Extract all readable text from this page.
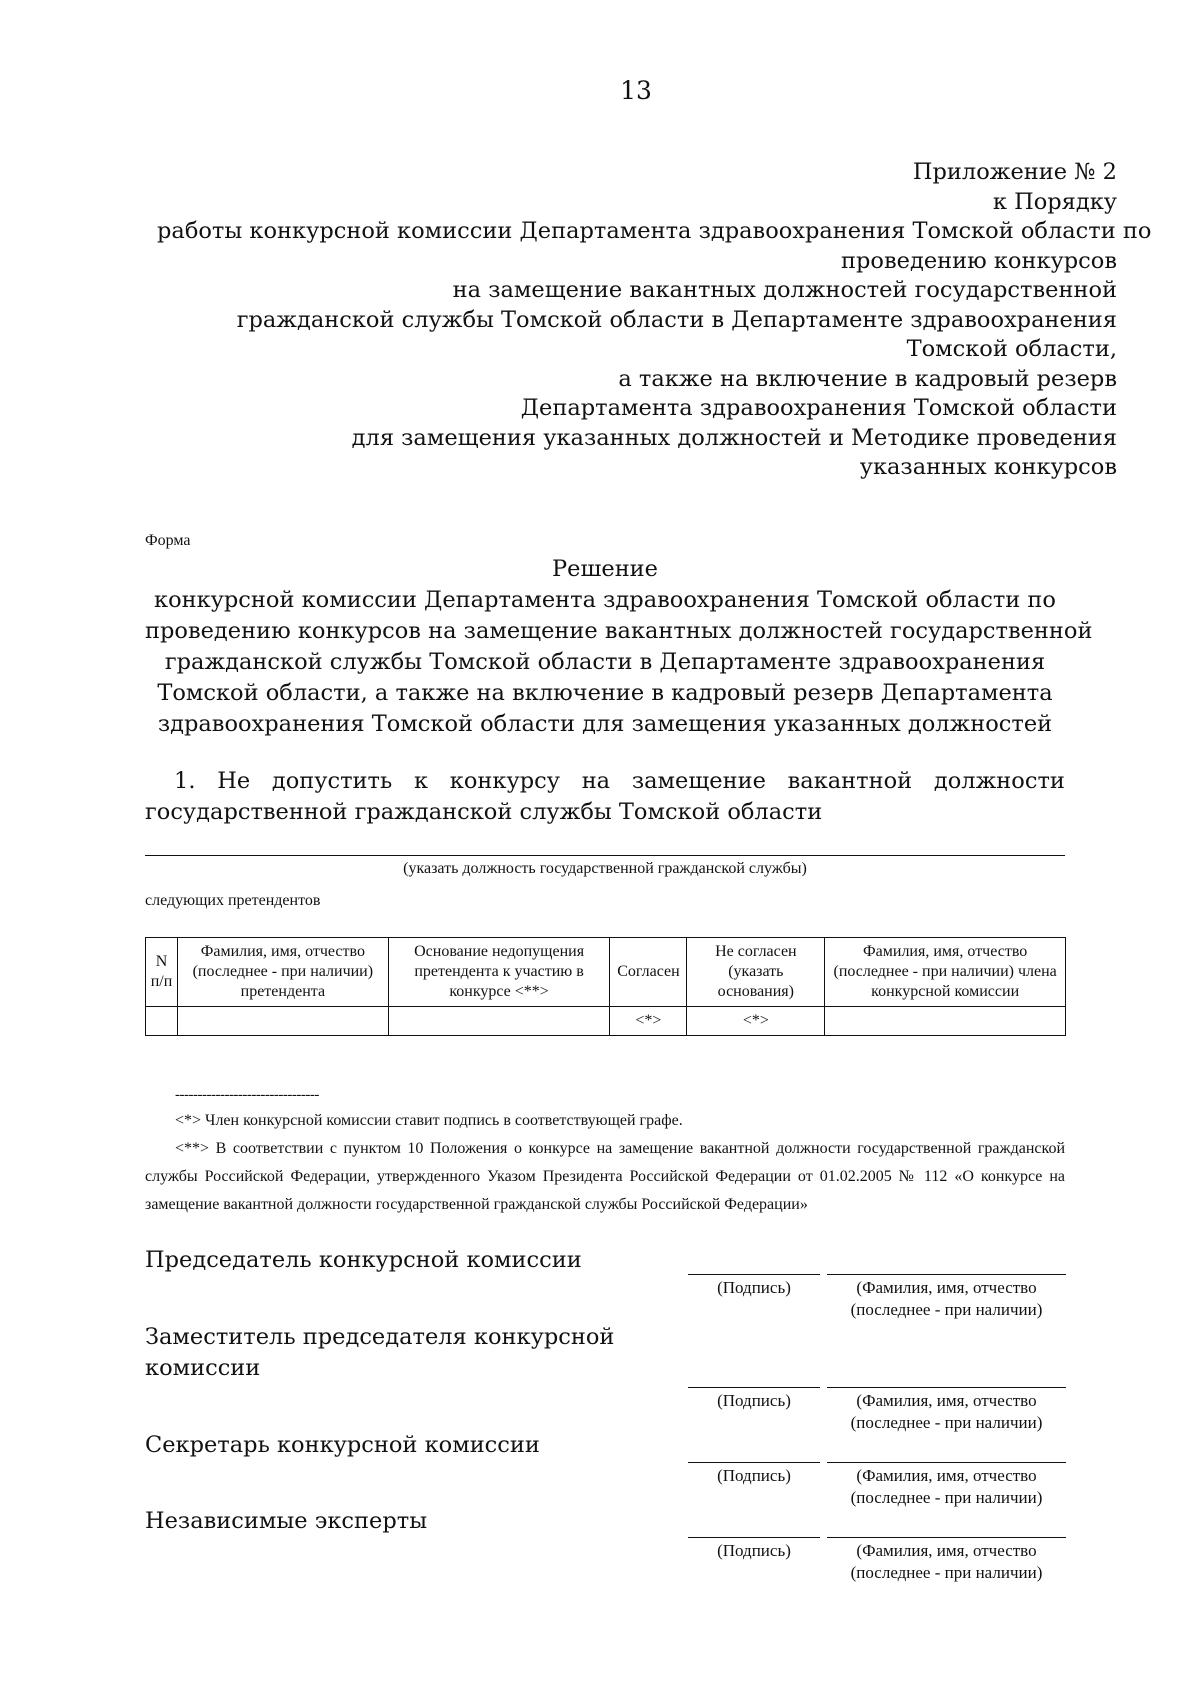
13
Приложение № 2
к Порядку
работы конкурсной комиссии Департамента здравоохранения Томской области по
проведению конкурсов
на замещение вакантных должностей государственной
гражданской службы Томской области в Департаменте здравоохранения
Томской области,
а также на включение в кадровый резерв
Департамента здравоохранения Томской области
для замещения указанных должностей и Методике проведения
указанных конкурсов
Форма
Решение
конкурсной комиссии Департамента здравоохранения Томской области по
проведению конкурсов на замещение вакантных должностей государственной
гражданской службы Томской области в Департаменте здравоохранения
Томской области, а также на включение в кадровый резерв Департамента
здравоохранения Томской области для замещения указанных должностей
1. Не допустить к конкурсу на замещение вакантной должности
государственной гражданской службы Томской области
(указать должность государственной гражданской службы)
следующих претендентов
N п/п	Фамилия, имя, отчество (последнее - при наличии) претендента	Основание недопущения претендента к участию в конкурсе <**>	Согласен	Не согласен (указать основания)	Фамилия, имя, отчество (последнее - при наличии) члена конкурсной комиссии
			<*>	<*>	
--------------------------------
<*> Член конкурсной комиссии ставит подпись в соответствующей графе.
<**> В соответствии с пунктом 10 Положения о конкурсе на замещение вакантной должности государственной гражданской службы Российской Федерации, утвержденного Указом Президента Российской Федерации от 01.02.2005 № 112 «О конкурсе на замещение вакантной должности государственной гражданской службы Российской Федерации»
Председатель конкурсной комиссии
(Подпись)	(Фамилия, имя, отчество
(последнее - при наличии)
Заместитель председателя конкурсной
комиссии
(Подпись)	(Фамилия, имя, отчество
(последнее - при наличии)
Секретарь конкурсной комиссии
(Подпись)	(Фамилия, имя, отчество
(последнее - при наличии)
Независимые эксперты
(Подпись)	(Фамилия, имя, отчество
(последнее - при наличии)
